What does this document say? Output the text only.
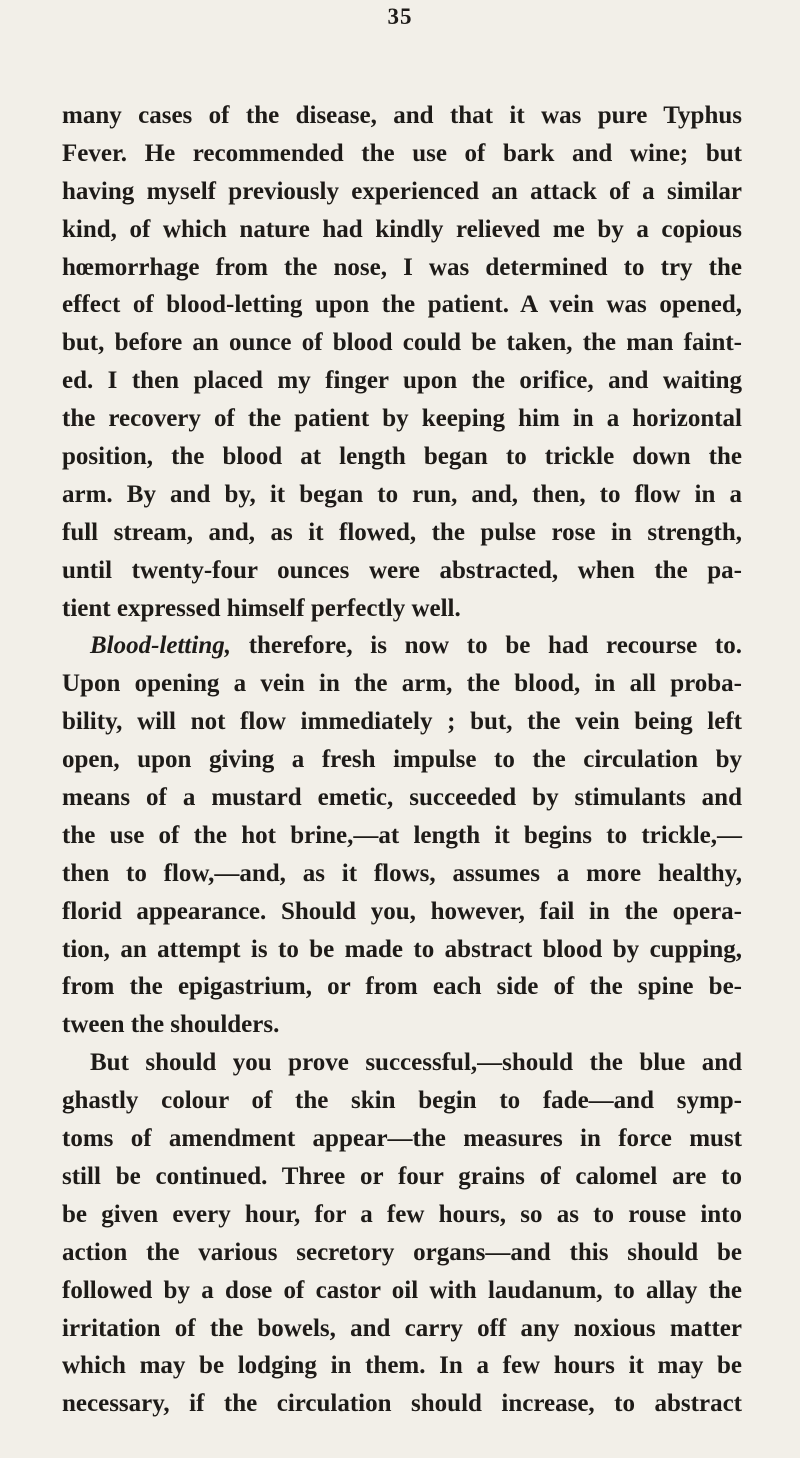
35
many cases of the disease, and that it was pure Typhus
Fever. He recommended the use of bark and wine; but
having myself previously experienced an attack of a similar
kind, of which nature had kindly relieved me by a copious
hœmorrhage from the nose, I was determined to try the
effect of blood-letting upon the patient. A vein was opened,
but, before an ounce of blood could be taken, the man faint-
ed. I then placed my finger upon the orifice, and waiting
the recovery of the patient by keeping him in a horizontal
position, the blood at length began to trickle down the
arm. By and by, it began to run, and, then, to flow in a
full stream, and, as it flowed, the pulse rose in strength,
until twenty-four ounces were abstracted, when the pa-
tient expressed himself perfectly well.
Blood-letting, therefore, is now to be had recourse to.
Upon opening a vein in the arm, the blood, in all proba-
bility, will not flow immediately ; but, the vein being left
open, upon giving a fresh impulse to the circulation by
means of a mustard emetic, succeeded by stimulants and
the use of the hot brine,—at length it begins to trickle,—
then to flow,—and, as it flows, assumes a more healthy,
florid appearance. Should you, however, fail in the opera-
tion, an attempt is to be made to abstract blood by cupping,
from the epigastrium, or from each side of the spine be-
tween the shoulders.
But should you prove successful,—should the blue and
ghastly colour of the skin begin to fade—and symp-
toms of amendment appear—the measures in force must
still be continued. Three or four grains of calomel are to
be given every hour, for a few hours, so as to rouse into
action the various secretory organs—and this should be
followed by a dose of castor oil with laudanum, to allay the
irritation of the bowels, and carry off any noxious matter
which may be lodging in them. In a few hours it may be
necessary, if the circulation should increase, to abstract
